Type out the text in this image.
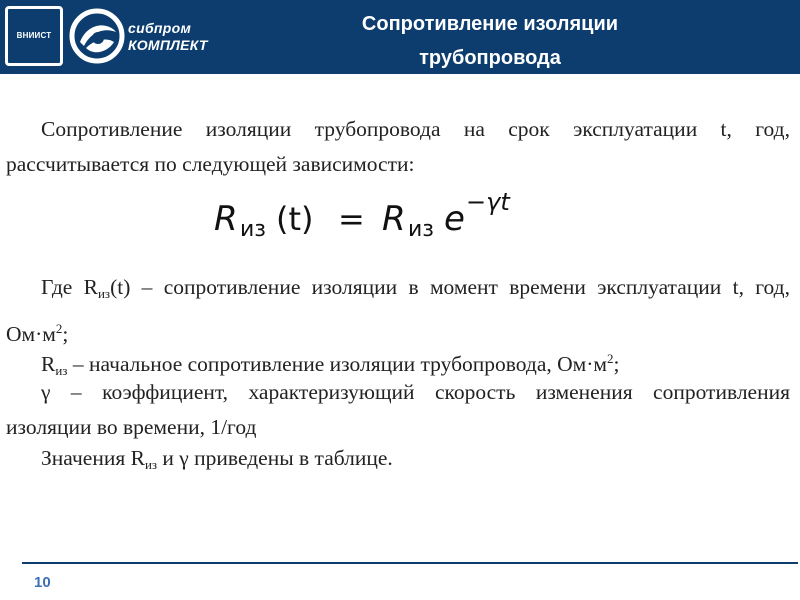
ВНИИСТ	сибпром
КОМПЛЕКТ
Сопротивление изоляции
трубопровода
Сопротивление изоляции трубопровода на срок эксплуатации t, год, рассчитывается по следующей зависимости:
R из (t) = R из e −γt
Где $R_{из}(t)$ – сопротивление изоляции в момент времени эксплуатации t, год, $Ом\cdot м^2$;
$R_{из}$ – начальное сопротивление изоляции трубопровода, $Ом\cdot м^2$;
γ – коэффициент, характеризующий скорость изменения сопротивления изоляции во времени, 1/год
Значения $R_{из}$ и γ приведены в таблице.
10
